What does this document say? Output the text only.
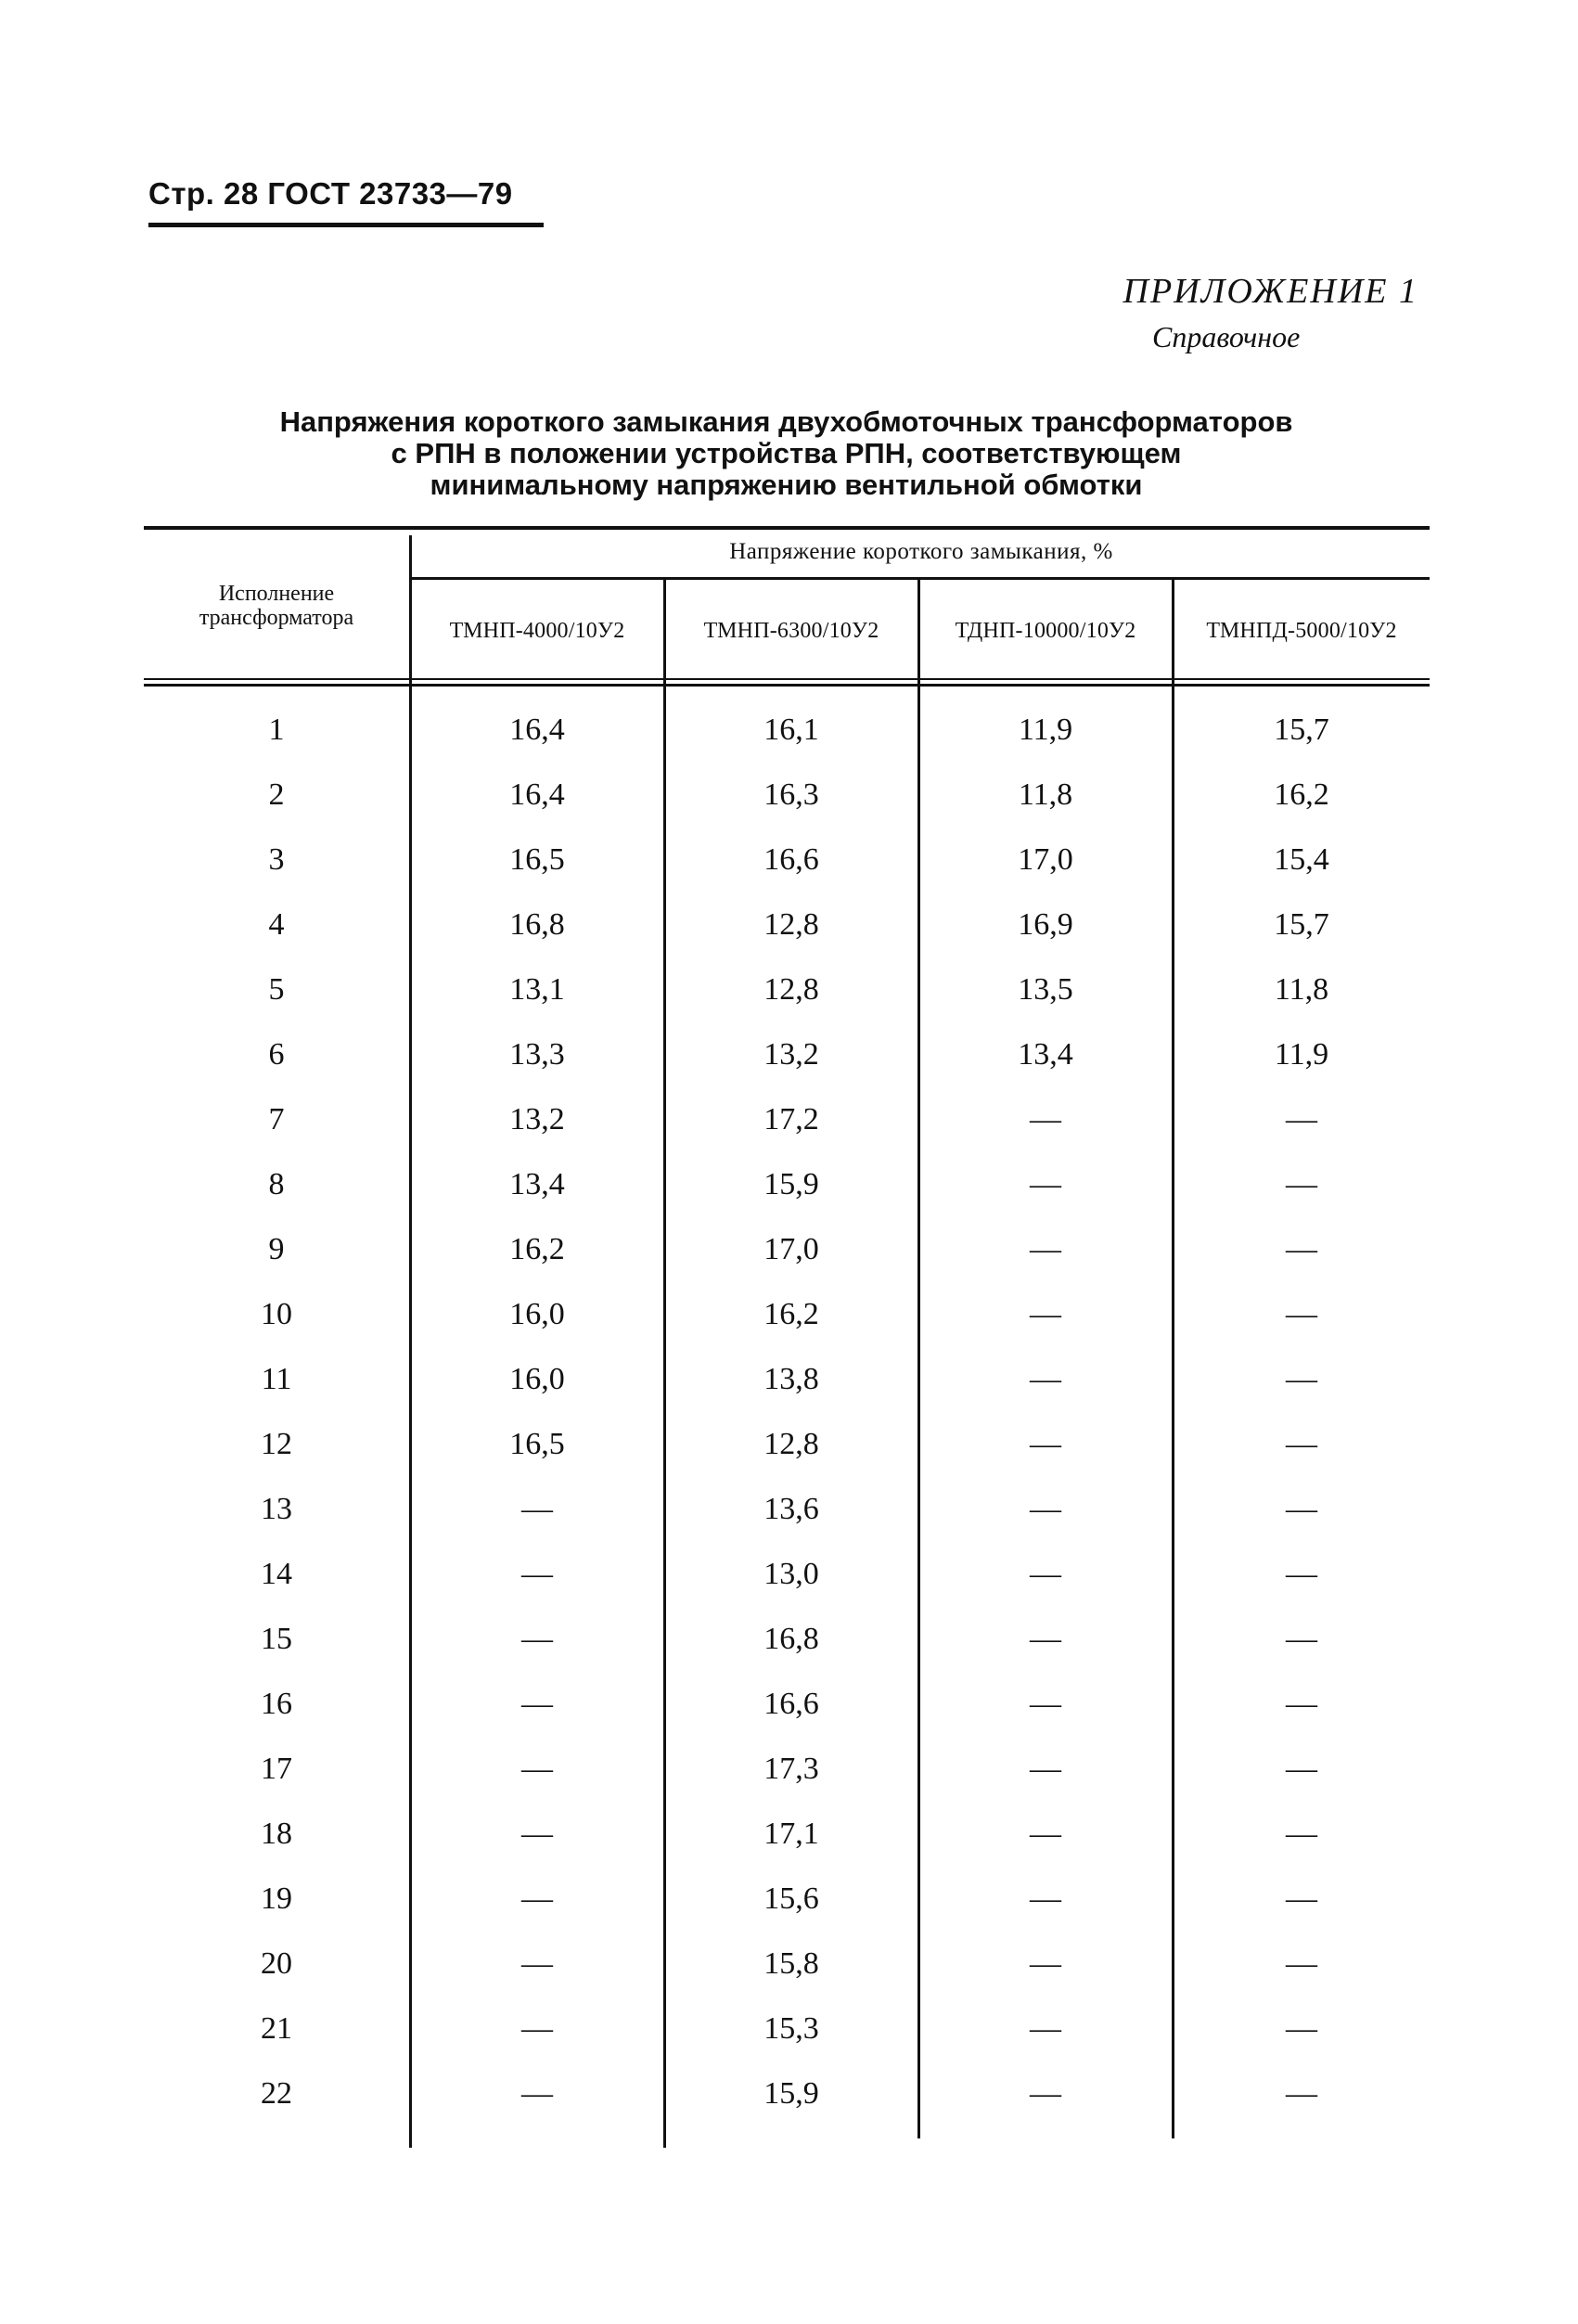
Стр. 28 ГОСТ 23733—79
ПРИЛОЖЕНИЕ 1
Справочное
Напряжения короткого замыкания двухобмоточных трансформаторов
с РПН в положении устройства РПН, соответствующем
минимальному напряжению вентильной обмотки
Исполнение трансформатора
Напряжение короткого замыкания, %
ТМНП-4000/10У2	ТМНП-6300/10У2	ТДНП-10000/10У2	ТМНПД-5000/10У2
1	16,4	16,1	11,9	15,7
2	16,4	16,3	11,8	16,2
3	16,5	16,6	17,0	15,4
4	16,8	12,8	16,9	15,7
5	13,1	12,8	13,5	11,8
6	13,3	13,2	13,4	11,9
7	13,2	17,2	—	—
8	13,4	15,9	—	—
9	16,2	17,0	—	—
10	16,0	16,2	—	—
11	16,0	13,8	—	—
12	16,5	12,8	—	—
13	—	13,6	—	—
14	—	13,0	—	—
15	—	16,8	—	—
16	—	16,6	—	—
17	—	17,3	—	—
18	—	17,1	—	—
19	—	15,6	—	—
20	—	15,8	—	—
21	—	15,3	—	—
22	—	15,9	—	—
